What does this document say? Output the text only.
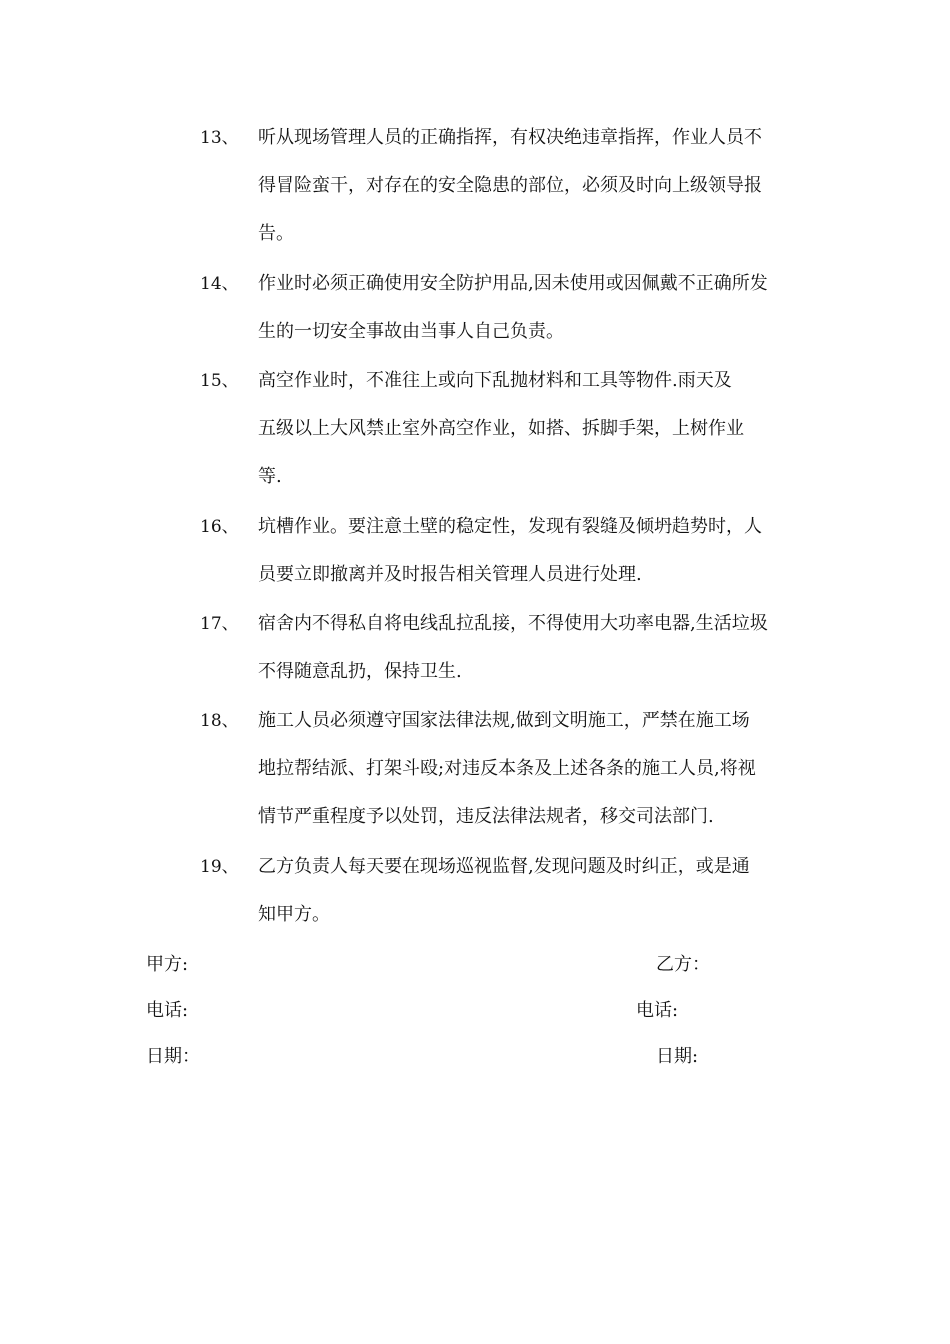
13、	听从现场管理人员的正确指挥，有权决绝违章指挥，作业人员不
得冒险蛮干，对存在的安全隐患的部位，必须及时向上级领导报
告。
14、	作业时必须正确使用安全防护用品,因未使用或因佩戴不正确所发
生的一切安全事故由当事人自己负责。
15、	高空作业时，不准往上或向下乱抛材料和工具等物件.雨天及
五级以上大风禁止室外高空作业，如搭、拆脚手架，上树作业
等.
16、	坑槽作业。要注意土壁的稳定性，发现有裂缝及倾坍趋势时，人
员要立即撤离并及时报告相关管理人员进行处理.
17、	宿舍内不得私自将电线乱拉乱接，不得使用大功率电器,生活垃圾
不得随意乱扔，保持卫生.
18、	施工人员必须遵守国家法律法规,做到文明施工，严禁在施工场
地拉帮结派、打架斗殴;对违反本条及上述各条的施工人员,将视
情节严重程度予以处罚，违反法律法规者，移交司法部门.
19、	乙方负责人每天要在现场巡视监督,发现问题及时纠正，或是通
知甲方。
甲方:	乙方：
电话:	电话:
日期：	日期:
